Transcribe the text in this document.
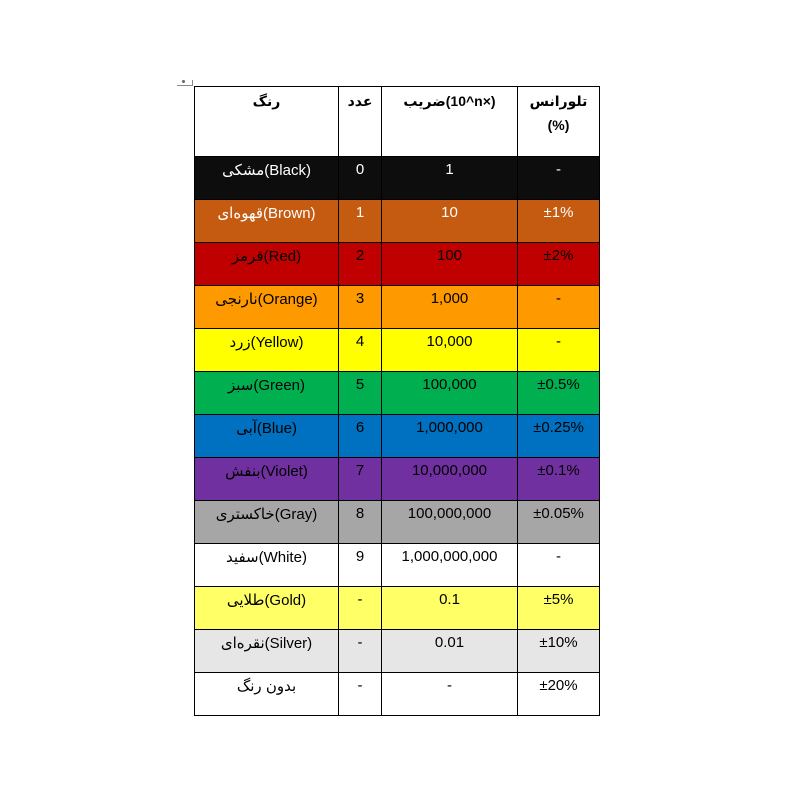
رنگ	عدد	ضریب(10^n×)	تلورانس
(%)

مشکی(Black)	0	1	-
قهوه‌ای(Brown)	1	10	±1%
قرمز(Red)	2	100	±2%
نارنجی(Orange)	3	1,000	-
زرد(Yellow)	4	10,000	-
سبز(Green)	5	100,000	±0.5%
آبی(Blue)	6	1,000,000	±0.25%
بنفش(Violet)	7	10,000,000	±0.1%
خاکستری(Gray)	8	100,000,000	±0.05%
سفید(White)	9	1,000,000,000	-
طلایی(Gold)	-	0.1	±5%
نقره‌ای(Silver)	-	0.01	±10%
بدون رنگ	-	-	±20%
